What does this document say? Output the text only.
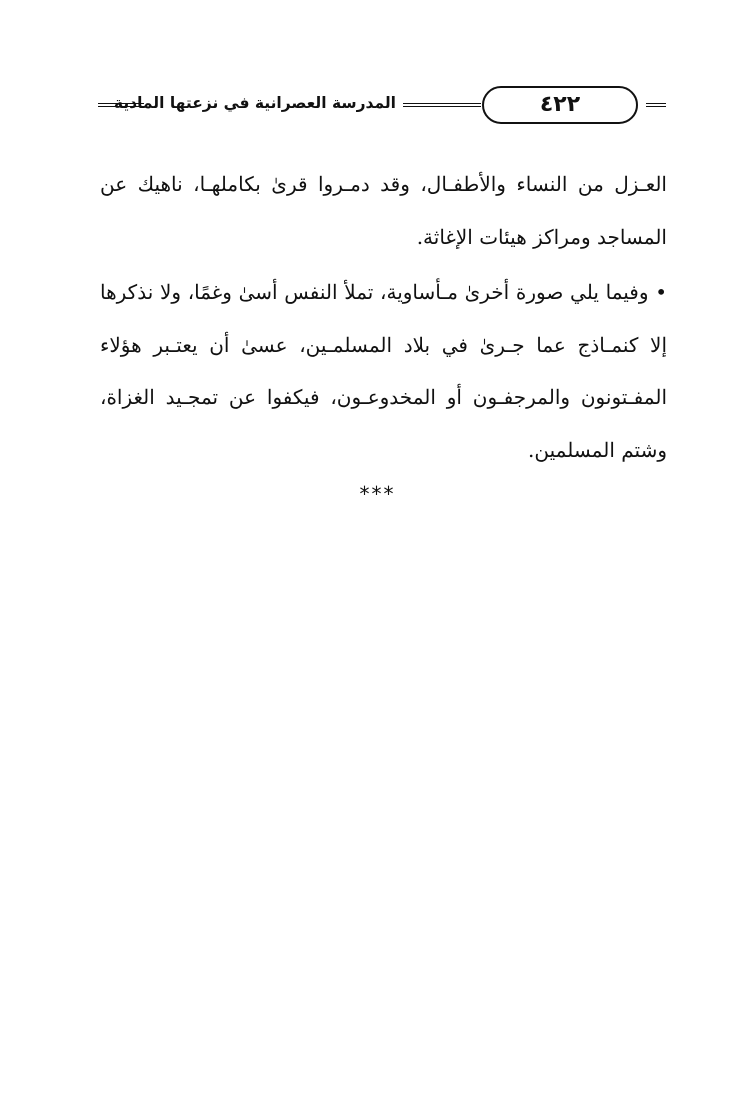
المدرسة العصرانية في نزعتها المادية	٤٢٢

العـزل من النساء والأطفـال، وقد دمـروا قرىٰ بكاملهـا، ناهيك عن المساجد ومراكز هيئات الإغاثة.

• وفيما يلي صورة أخرىٰ مـأساوية، تملأ النفس أسىٰ وغمًا، ولا نذكرها إلا كنمـاذج عما جـرىٰ في بلاد المسلمـين، عسىٰ أن يعتـبر هؤلاء المفـتونون والمرجفـون أو المخدوعـون، فيكفوا عن تمجـيد الغزاة، وشتم المسلمين.

***
